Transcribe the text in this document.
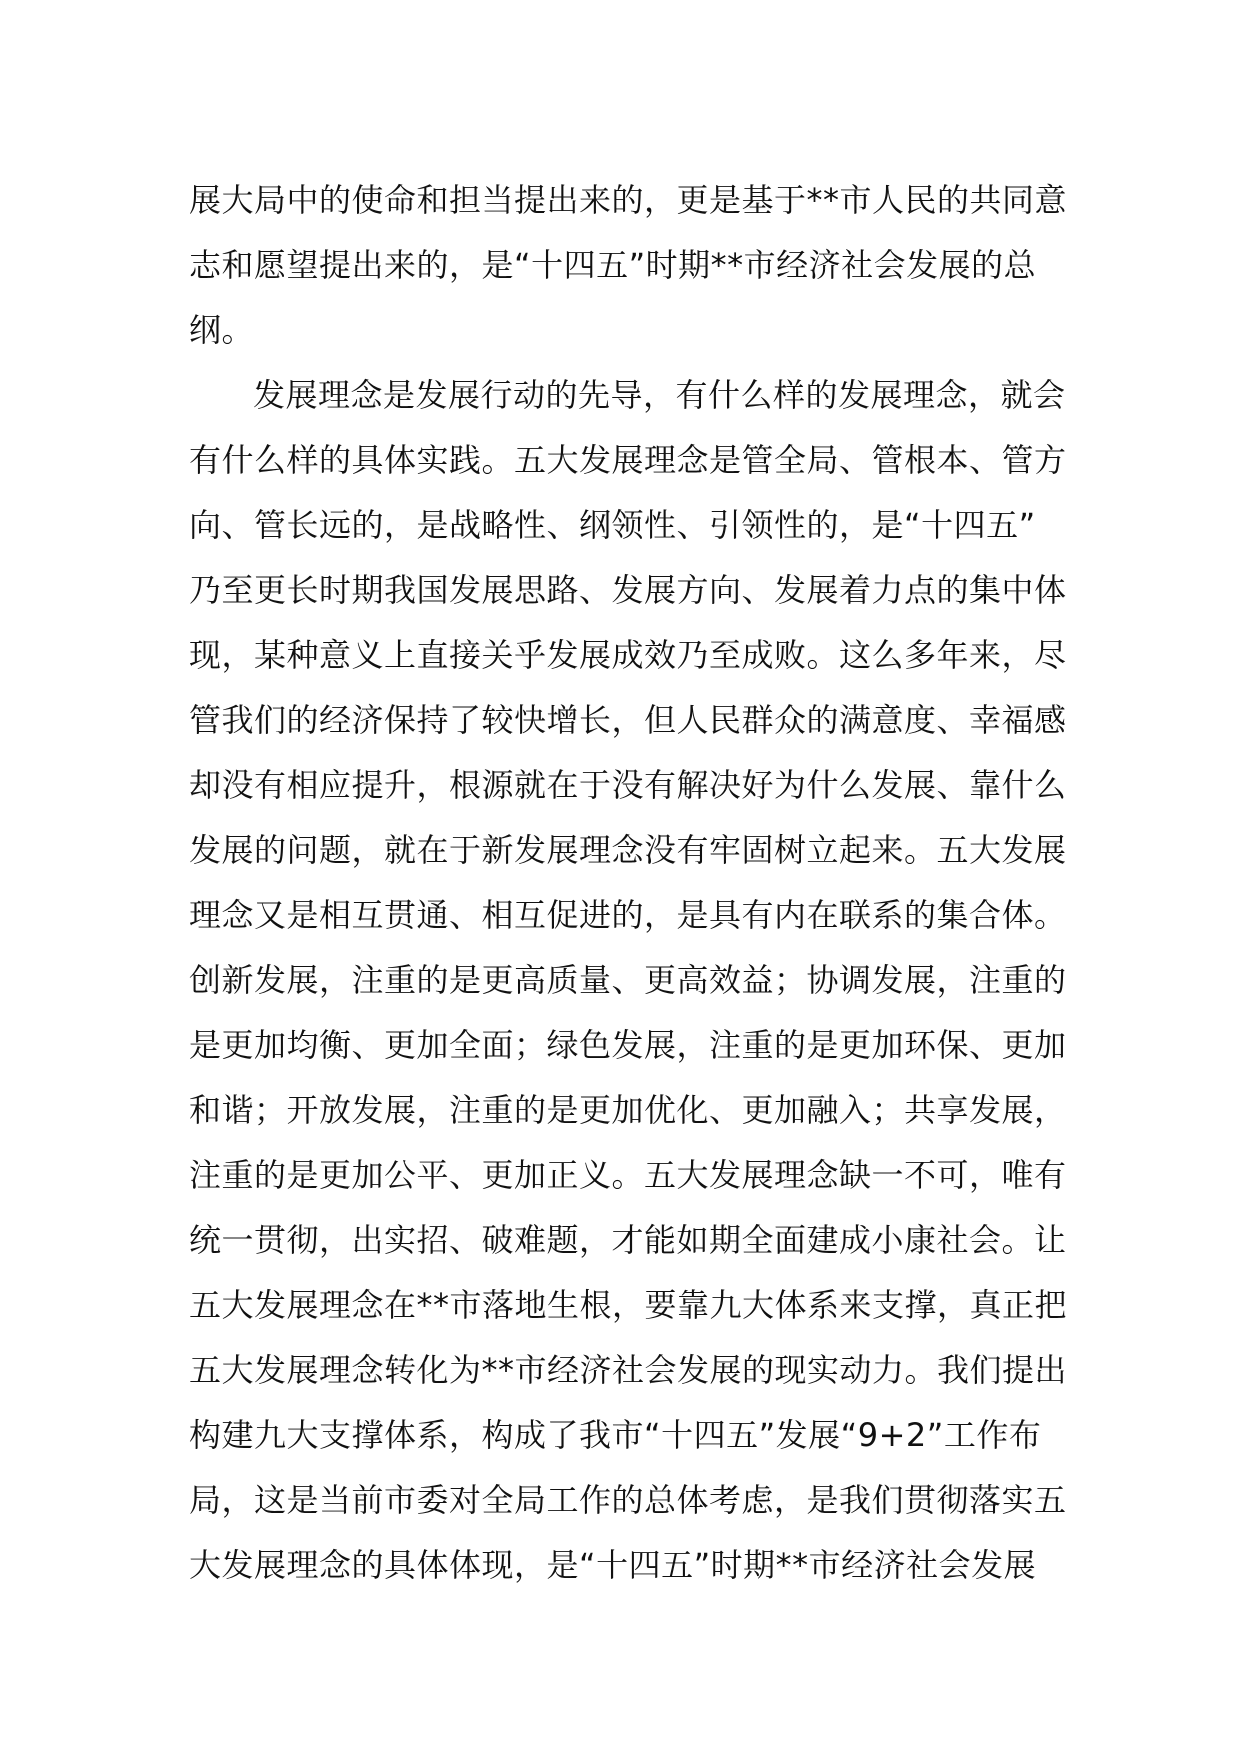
展大局中的使命和担当提出来的，更是基于**市人民的共同意
志和愿望提出来的，是“十四五”时期**市经济社会发展的总
纲。
发展理念是发展行动的先导，有什么样的发展理念，就会
有什么样的具体实践。五大发展理念是管全局、管根本、管方
向、管长远的，是战略性、纲领性、引领性的，是“十四五”
乃至更长时期我国发展思路、发展方向、发展着力点的集中体
现，某种意义上直接关乎发展成效乃至成败。这么多年来，尽
管我们的经济保持了较快增长，但人民群众的满意度、幸福感
却没有相应提升，根源就在于没有解决好为什么发展、靠什么
发展的问题，就在于新发展理念没有牢固树立起来。五大发展
理念又是相互贯通、相互促进的，是具有内在联系的集合体。
创新发展，注重的是更高质量、更高效益；协调发展，注重的
是更加均衡、更加全面；绿色发展，注重的是更加环保、更加
和谐；开放发展，注重的是更加优化、更加融入；共享发展，
注重的是更加公平、更加正义。五大发展理念缺一不可，唯有
统一贯彻，出实招、破难题，才能如期全面建成小康社会。让
五大发展理念在**市落地生根，要靠九大体系来支撑，真正把
五大发展理念转化为**市经济社会发展的现实动力。我们提出
构建九大支撑体系，构成了我市“十四五”发展“9+2”工作布
局，这是当前市委对全局工作的总体考虑，是我们贯彻落实五
大发展理念的具体体现，是“十四五”时期**市经济社会发展
